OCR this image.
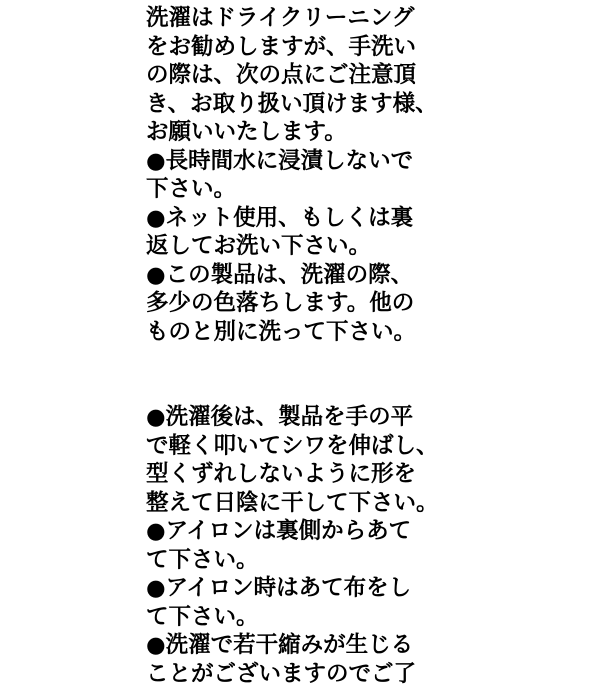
洗濯はドライクリーニング
をお勧めしますが、手洗い
の際は、次の点にご注意頂
き、お取り扱い頂けます様、
お願いいたします。
●長時間水に浸漬しないで
下さい。
●ネット使用、もしくは裏
返してお洗い下さい。
●この製品は、洗濯の際、
多少の色落ちします。他の
ものと別に洗って下さい。
●洗濯後は、製品を手の平
で軽く叩いてシワを伸ばし、
型くずれしないように形を
整えて日陰に干して下さい。
●アイロンは裏側からあて
て下さい。
●アイロン時はあて布をし
て下さい。
●洗濯で若干縮みが生じる
ことがございますのでご了
